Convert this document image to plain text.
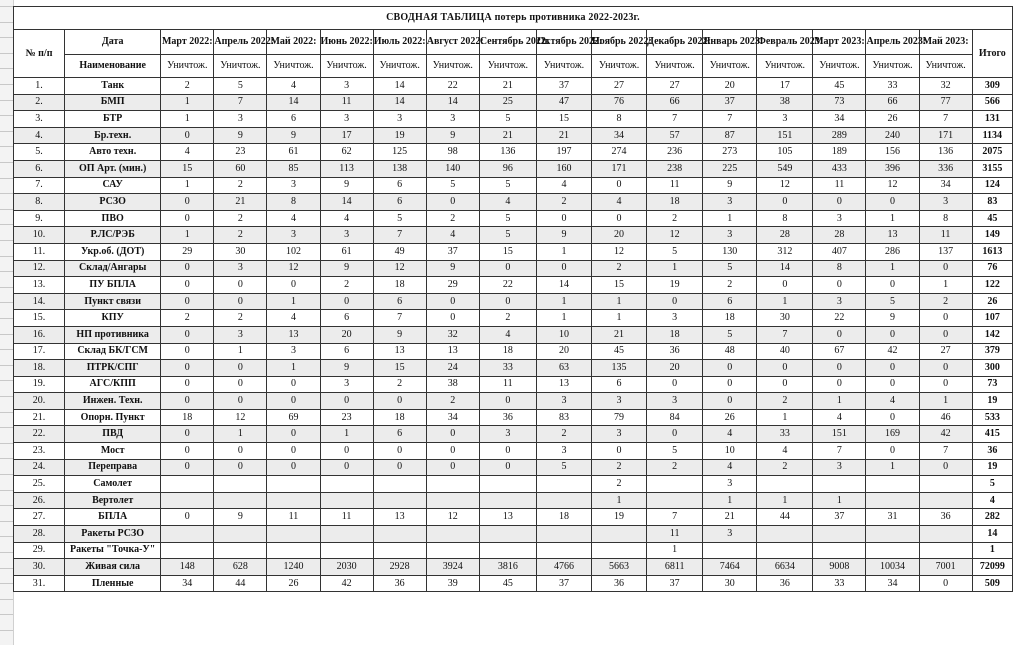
СВОДНАЯ ТАБЛИЦА потерь противника 2022-2023г.																	
№ п/п	Дата	Март 2022:	Апрель 2022:	Май 2022:	Июнь 2022:	Июль 2022:	Август 2022:	Сентябрь 2022:	Октябрь 2022:	Ноябрь 2022:	Декабрь 2022:	Январь 2023:	Февраль 2023:	Март 2023:	Апрель 2023:	Май 2023:	Итого
	Наименование	Уничтож.	Уничтож.	Уничтож.	Уничтож.	Уничтож.	Уничтож.	Уничтож.	Уничтож.	Уничтож.	Уничтож.	Уничтож.	Уничтож.	Уничтож.	Уничтож.	Уничтож.	
1.	Танк	2	5	4	3	14	22	21	37	27	27	20	17	45	33	32	309
2.	БМП	1	7	14	11	14	14	25	47	76	66	37	38	73	66	77	566
3.	БТР	1	3	6	3	3	3	5	15	8	7	7	3	34	26	7	131
4.	Бр.техн.	0	9	9	17	19	9	21	21	34	57	87	151	289	240	171	1134
5.	Авто техн.	4	23	61	62	125	98	136	197	274	236	273	105	189	156	136	2075
6.	ОП Арт. (мин.)	15	60	85	113	138	140	96	160	171	238	225	549	433	396	336	3155
7.	САУ	1	2	3	9	6	5	5	4	0	11	9	12	11	12	34	124
8.	РСЗО	0	21	8	14	6	0	4	2	4	18	3	0	0	0	3	83
9.	ПВО	0	2	4	4	5	2	5	0	0	2	1	8	3	1	8	45
10.	Р.ЛС/РЭБ	1	2	3	3	7	4	5	9	20	12	3	28	28	13	11	149
11.	Укр.об. (ДОТ)	29	30	102	61	49	37	15	1	12	5	130	312	407	286	137	1613
12.	Склад/Ангары	0	3	12	9	12	9	0	0	2	1	5	14	8	1	0	76
13.	ПУ БПЛА	0	0	0	2	18	29	22	14	15	19	2	0	0	0	1	122
14.	Пункт связи	0	0	1	0	6	0	0	1	1	0	6	1	3	5	2	26
15.	КПУ	2	2	4	6	7	0	2	1	1	3	18	30	22	9	0	107
16.	НП противника	0	3	13	20	9	32	4	10	21	18	5	7	0	0	0	142
17.	Склад БК/ГСМ	0	1	3	6	13	13	18	20	45	36	48	40	67	42	27	379
18.	ПТРК/СПГ	0	0	1	9	15	24	33	63	135	20	0	0	0	0	0	300
19.	АГС/КПП	0	0	0	3	2	38	11	13	6	0	0	0	0	0	0	73
20.	Инжен. Техн.	0	0	0	0	0	2	0	3	3	3	0	2	1	4	1	19
21.	Опорн. Пункт	18	12	69	23	18	34	36	83	79	84	26	1	4	0	46	533
22.	ПВД	0	1	0	1	6	0	3	2	3	0	4	33	151	169	42	415
23.	Мост	0	0	0	0	0	0	0	3	0	5	10	4	7	0	7	36
24.	Переправа	0	0	0	0	0	0	0	5	2	2	4	2	3	1	0	19
25.	Самолет									2		3					5
26.	Вертолет									1		1	1	1			4
27.	БПЛА	0	9	11	11	13	12	13	18	19	7	21	44	37	31	36	282
28.	Ракеты РСЗО										11	3					14
29.	Ракеты "Точка-У"										1						1
30.	Живая сила	148	628	1240	2030	2928	3924	3816	4766	5663	6811	7464	6634	9008	10034	7001	72099
31.	Пленные	34	44	26	42	36	39	45	37	36	37	30	36	33	34	0	509
